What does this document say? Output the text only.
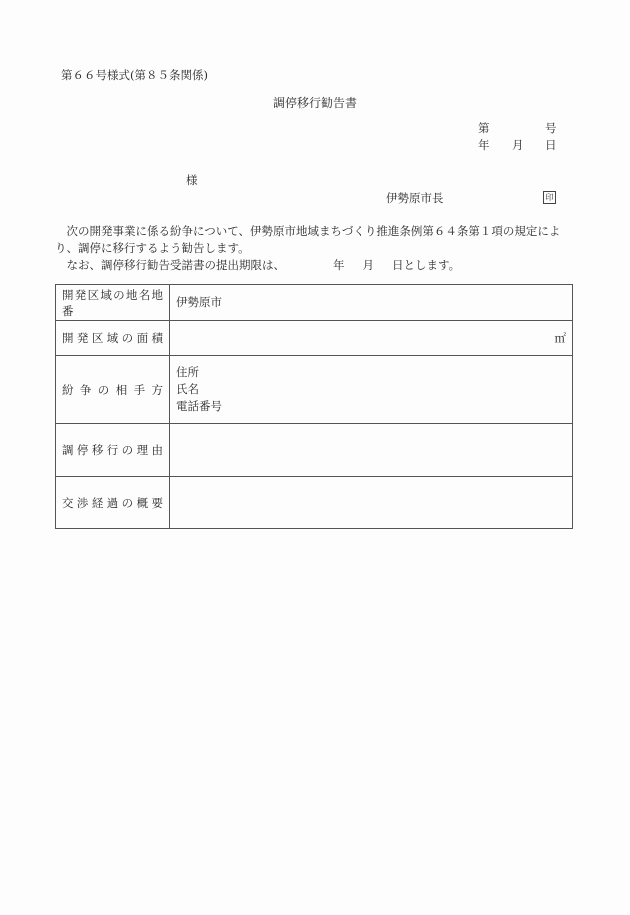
第６６号様式(第８５条関係)
調停移行勧告書
第	号
年 月 日
様
伊勢原市長	印

次の開発事業に係る紛争について、伊勢原市地域まちづくり推進条例第６４条第１項の規定により、調停に移行するよう勧告します。

なお、調停移行勧告受諾書の提出期限は、	年 月 日とします。

開発区域の地名地番	伊勢原市
開発区域の面積	㎡

紛争の相手方	住所
氏名
電話番号

調停移行の理由	
交渉経過の概要	
